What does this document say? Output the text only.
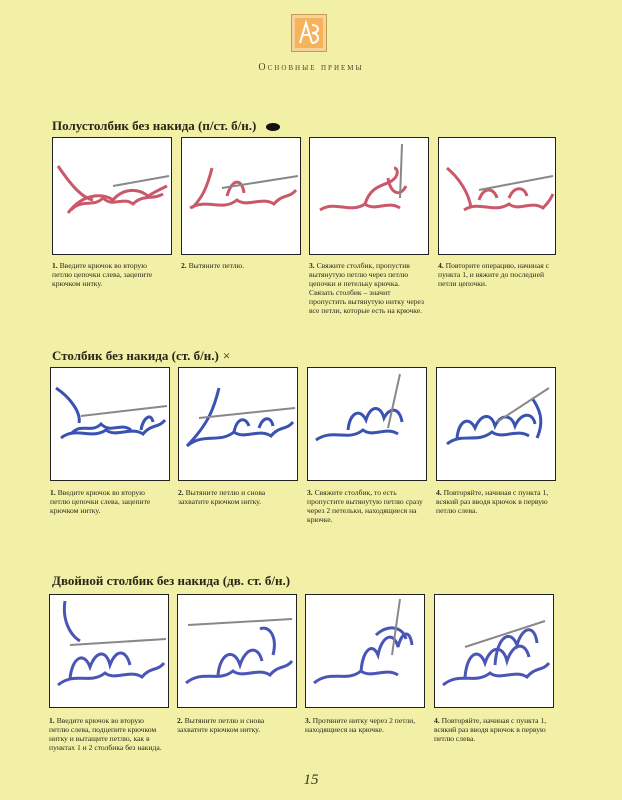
Основные приемы
Полустолбик без накида (п/ст. б/н.)
1. Введите крючок во вторую петлю цепочки слева, зацепите крючком нитку.
2. Вытяните петлю.	3. Свяжите столбик, пропустив вытянутую петлю через петлю цепочки и петельку крючка. Связать столбик – значит пропустить вытянутую нитку через все петли, которые есть на крючке.
4. Повторите операцию, начиная с пункта 1, и вяжите до последней петли цепочки.
Столбик без накида (ст. б/н.) ×
1. Введите крючок во вторую петлю цепочки слева, зацепите крючком нитку.
2. Вытяните петлю и снова захватите крючком нитку.
3. Свяжите столбик, то есть пропустите вытянутую петлю сразу через 2 петельки, находящиеся на крючке.
4. Повторяйте, начиная с пункта 1, всякий раз вводя крючок в первую петлю слева.
Двойной столбик без накида (дв. ст. б/н.)
1. Введите крючок во вторую петлю слева, подцепите крючком нитку и вытащите петлю, как в пунктах 1 и 2 столбика без накида.
2. Вытяните петлю и снова захватите крючком нитку.
3. Протяните нитку через 2 петли, находящиеся на крючке.
4. Повторяйте, начиная с пункта 1, всякий раз вводя крючок в первую петлю слева.
15
